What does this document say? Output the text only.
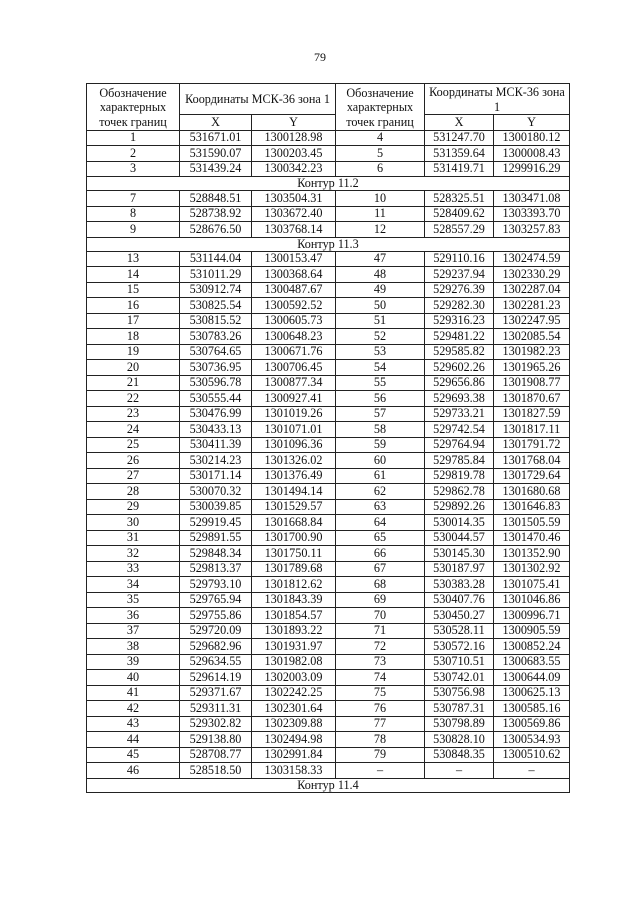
79
Обозначение характерных точек границ	Координаты МСК-36 зона 1		Обозначение характерных точек границ	Координаты МСК-36 зона 1	
	X	Y		X	Y
1	531671.01	1300128.98	4	531247.70	1300180.12
2	531590.07	1300203.45	5	531359.64	1300008.43
3	531439.24	1300342.23	6	531419.71	1299916.29
Контур 11.2					
7	528848.51	1303504.31	10	528325.51	1303471.08
8	528738.92	1303672.40	11	528409.62	1303393.70
9	528676.50	1303768.14	12	528557.29	1303257.83
Контур 11.3					
13	531144.04	1300153.47	47	529110.16	1302474.59
14	531011.29	1300368.64	48	529237.94	1302330.29
15	530912.74	1300487.67	49	529276.39	1302287.04
16	530825.54	1300592.52	50	529282.30	1302281.23
17	530815.52	1300605.73	51	529316.23	1302247.95
18	530783.26	1300648.23	52	529481.22	1302085.54
19	530764.65	1300671.76	53	529585.82	1301982.23
20	530736.95	1300706.45	54	529602.26	1301965.26
21	530596.78	1300877.34	55	529656.86	1301908.77
22	530555.44	1300927.41	56	529693.38	1301870.67
23	530476.99	1301019.26	57	529733.21	1301827.59
24	530433.13	1301071.01	58	529742.54	1301817.11
25	530411.39	1301096.36	59	529764.94	1301791.72
26	530214.23	1301326.02	60	529785.84	1301768.04
27	530171.14	1301376.49	61	529819.78	1301729.64
28	530070.32	1301494.14	62	529862.78	1301680.68
29	530039.85	1301529.57	63	529892.26	1301646.83
30	529919.45	1301668.84	64	530014.35	1301505.59
31	529891.55	1301700.90	65	530044.57	1301470.46
32	529848.34	1301750.11	66	530145.30	1301352.90
33	529813.37	1301789.68	67	530187.97	1301302.92
34	529793.10	1301812.62	68	530383.28	1301075.41
35	529765.94	1301843.39	69	530407.76	1301046.86
36	529755.86	1301854.57	70	530450.27	1300996.71
37	529720.09	1301893.22	71	530528.11	1300905.59
38	529682.96	1301931.97	72	530572.16	1300852.24
39	529634.55	1301982.08	73	530710.51	1300683.55
40	529614.19	1302003.09	74	530742.01	1300644.09
41	529371.67	1302242.25	75	530756.98	1300625.13
42	529311.31	1302301.64	76	530787.31	1300585.16
43	529302.82	1302309.88	77	530798.89	1300569.86
44	529138.80	1302494.98	78	530828.10	1300534.93
45	528708.77	1302991.84	79	530848.35	1300510.62
46	528518.50	1303158.33	–	–	–
Контур 11.4					
